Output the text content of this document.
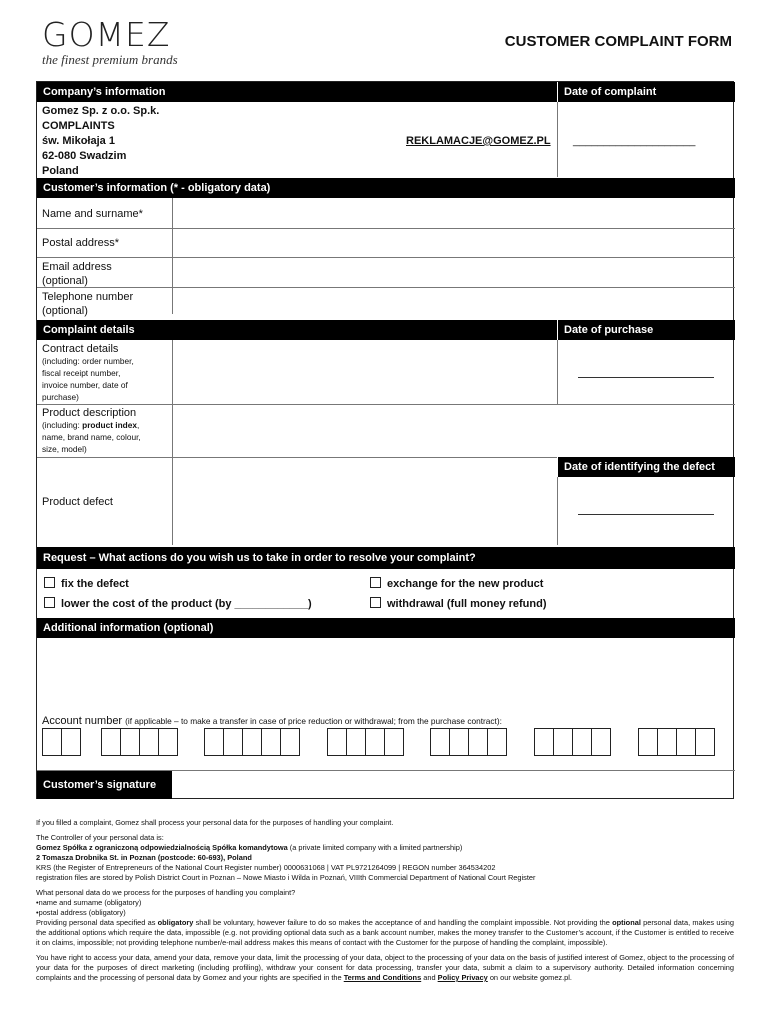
GOMEZ
the finest premium brands
CUSTOMER COMPLAINT FORM
Company’s information	Date of complaint
Gomez Sp. z o.o. Sp.k.
COMPLAINTS
św. Mikołaja 1
62-080 Swadzim
Poland
REKLAMACJE@GOMEZ.PL ____________________
Customer’s information (* - obligatory data)
Name and surname*
Postal address*
Email address
(optional)
Telephone number
(optional)
Complaint details	Date of purchase
Contract details
(including: order number,
fiscal receipt number,
invoice number, date of
purchase)
Product description
(including: product index,
name, brand name, colour,
size, model)
Date of identifying the defect
Product defect
Request – What actions do you wish us to take in order to resolve your complaint?
fix the defect	exchange for the new product
lower the cost of the product (by ____________)	withdrawal (full money refund)
Additional information (optional)
Account number (if applicable – to make a transfer in case of price reduction or withdrawal; from the purchase contract):
Customer’s signature

If you filled a complaint, Gomez shall process your personal data for the purposes of handling your complaint.

The Controller of your personal data is:
Gomez Spółka z ograniczoną odpowiedzialnością Spółka komandytowa (a private limited company with a limited partnership)
2 Tomasza Drobnika St. in Poznan (postcode: 60-693), Poland
KRS (the Register of Entrepreneurs of the National Court Register number) 0000631068 | VAT PL9721264099 | REGON number 364534202
registration files are stored by Polish District Court in Poznan – Nowe Miasto i Wilda in Poznań, VIIIth Commercial Department of National Court Register

What personal data do we process for the purposes of handling you complaint?
•name and surname (obligatory)
•postal address (obligatory)
Providing personal data specified as obligatory shall be voluntary, however failure to do so makes the acceptance of and handling the complaint impossible. Not providing the optional personal data, makes using the additional options which require the data, impossible (e.g. not providing optional data such as a bank account number, makes the money transfer to the Customer’s account, if the Customer is entitled to receive it on claims, impossible; not providing telephone number/e-mail address makes this means of contact with the Customer for the purpose of handling the complaint, impossible).

You have right to access your data, amend your data, remove your data, limit the processing of your data, object to the processing of your data on the basis of justified interest of Gomez, object to the processing of your data for the purposes of direct marketing (including profiling), withdraw your consent for data processing, transfer your data, submit a claim to a supervisory authority. Detailed information concerning complaints and the processing of personal data by Gomez and your rights are specified in the Terms and Conditions and Policy Privacy on our website gomez.pl.
